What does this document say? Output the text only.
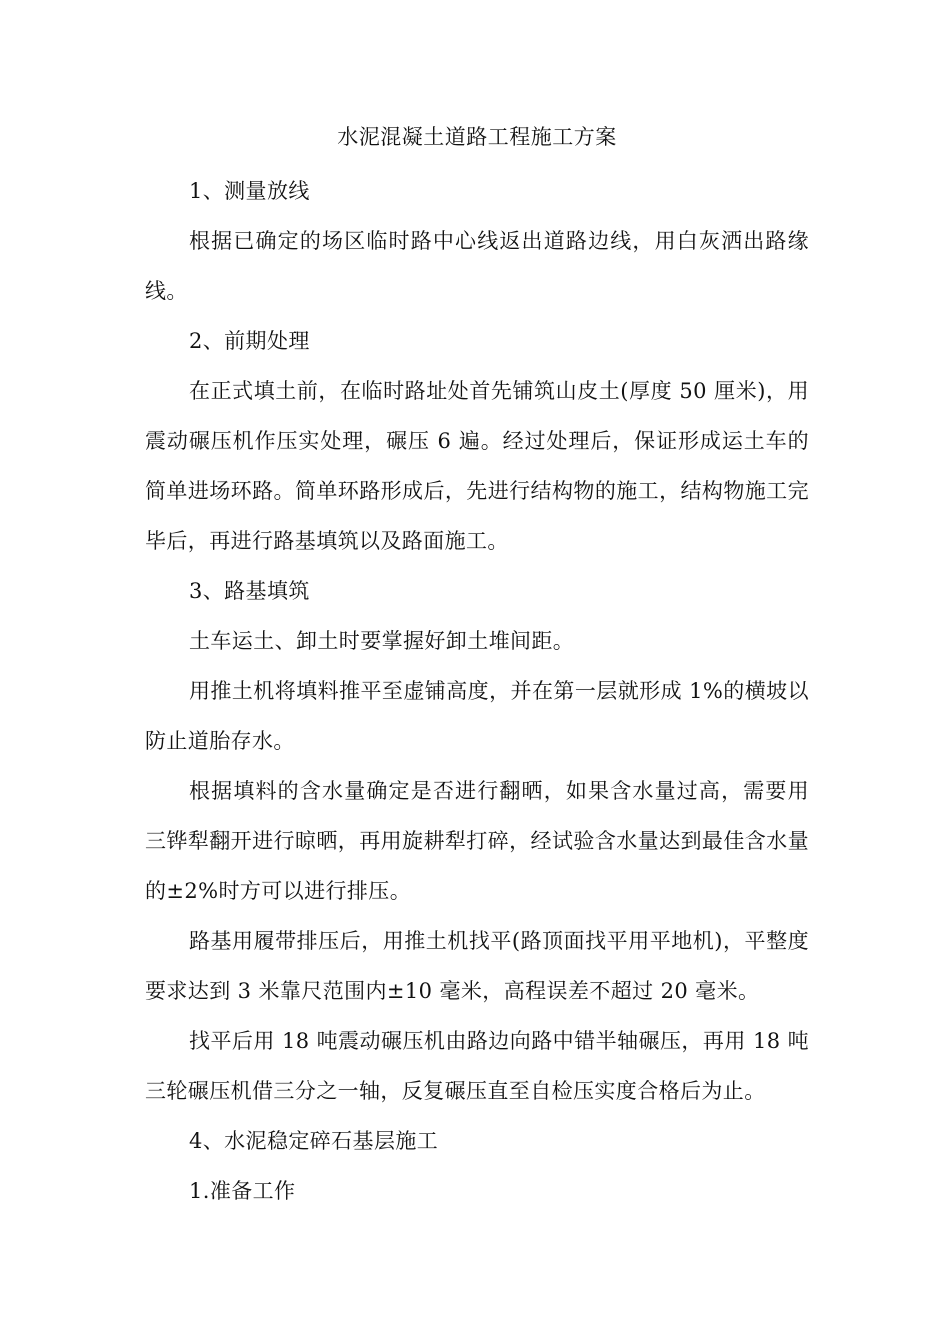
水泥混凝土道路工程施工方案

1、测量放线

根据已确定的场区临时路中心线返出道路边线，用白灰洒出路缘线。

2、前期处理

在正式填土前，在临时路址处首先铺筑山皮土(厚度 50 厘米)，用震动碾压机作压实处理，碾压 6 遍。经过处理后，保证形成运土车的简单进场环路。简单环路形成后，先进行结构物的施工，结构物施工完毕后，再进行路基填筑以及路面施工。

3、路基填筑

土车运土、卸土时要掌握好卸土堆间距。

用推土机将填料推平至虚铺高度，并在第一层就形成 1%的横坡以防止道胎存水。

根据填料的含水量确定是否进行翻晒，如果含水量过高，需要用三铧犁翻开进行晾晒，再用旋耕犁打碎，经试验含水量达到最佳含水量的±2%时方可以进行排压。

路基用履带排压后，用推土机找平(路顶面找平用平地机)，平整度要求达到 3 米靠尺范围内±10 毫米，高程误差不超过 20 毫米。

找平后用 18 吨震动碾压机由路边向路中错半轴碾压，再用 18 吨三轮碾压机借三分之一轴，反复碾压直至自检压实度合格后为止。

4、水泥稳定碎石基层施工

1.准备工作
